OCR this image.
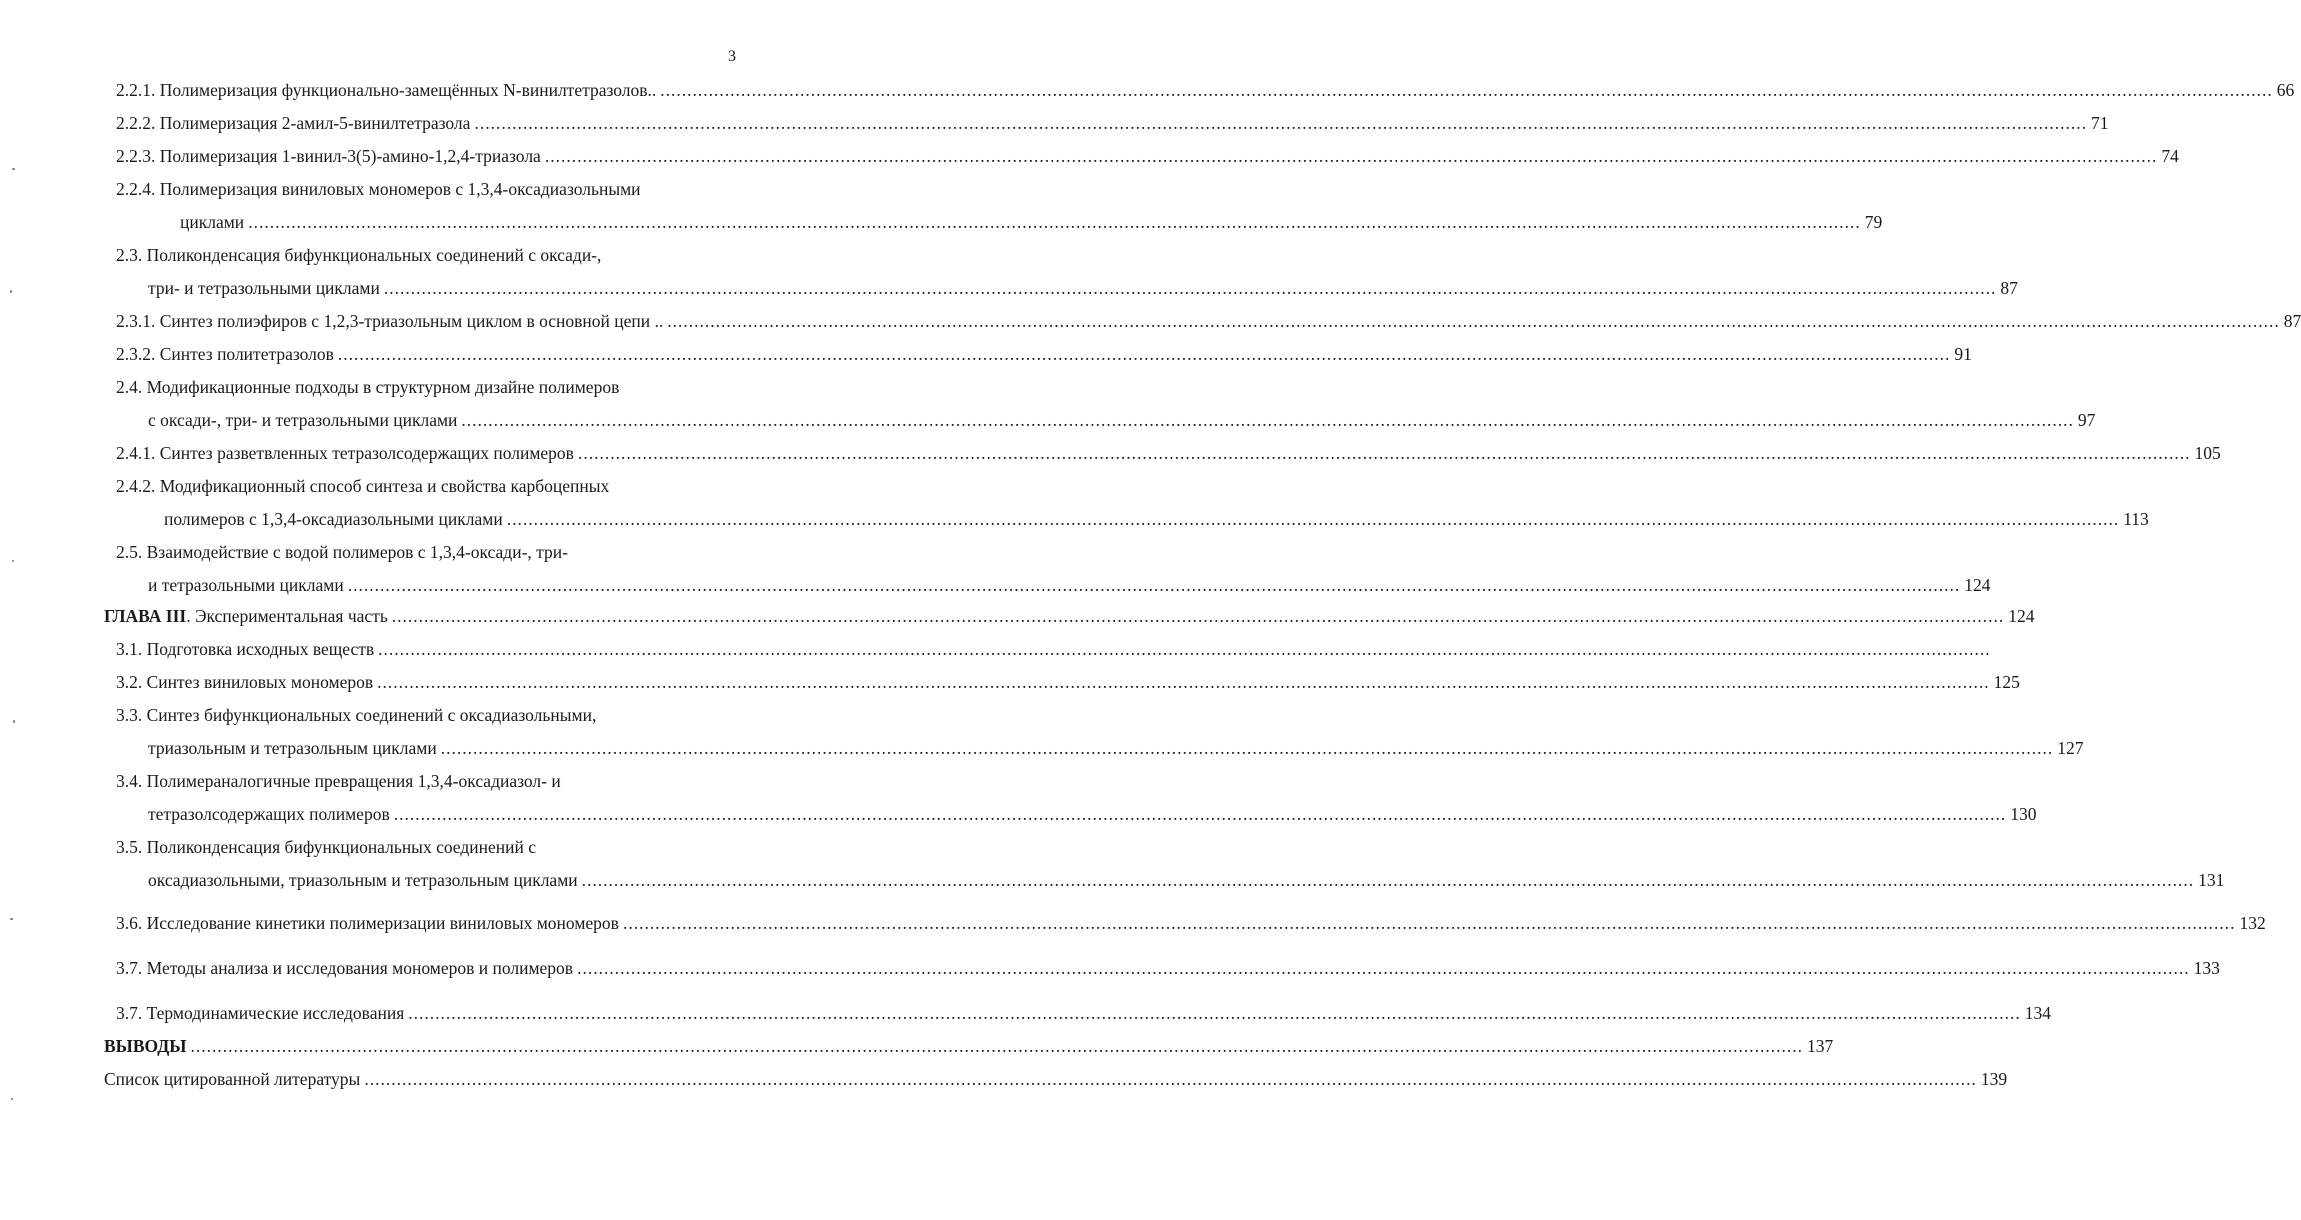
3
2.2.1. Полимеризация функционально-замещённых N-винилтетразолов.. ............................................................................................................................................................................................................................................................................................................ 66
2.2.2. Полимеризация 2-амил-5-винилтетразола ............................................................................................................................................................................................................................................................................................................ 71
2.2.3. Полимеризация 1-винил-3(5)-амино-1,2,4-триазола ............................................................................................................................................................................................................................................................................................................ 74
2.2.4. Полимеризация виниловых мономеров с 1,3,4-оксадиазольными
циклами ............................................................................................................................................................................................................................................................................................................ 79
2.3. Поликонденсация бифункциональных соединений с оксади-,
три- и тетразольными циклами ............................................................................................................................................................................................................................................................................................................ 87
2.3.1. Синтез полиэфиров с 1,2,3-триазольным циклом в основной цепи .. ............................................................................................................................................................................................................................................................................................................ 87
2.3.2. Синтез политетразолов ............................................................................................................................................................................................................................................................................................................ 91
2.4. Модификационные подходы в структурном дизайне полимеров
с оксади-, три- и тетразольными циклами ............................................................................................................................................................................................................................................................................................................ 97
2.4.1. Синтез разветвленных тетразолсодержащих полимеров ............................................................................................................................................................................................................................................................................................................ 105
2.4.2. Модификационный способ синтеза и свойства карбоцепных
полимеров с 1,3,4-оксадиазольными циклами ............................................................................................................................................................................................................................................................................................................ 113
2.5. Взаимодействие с водой полимеров с 1,3,4-оксади-, три-
и тетразольными циклами ............................................................................................................................................................................................................................................................................................................ 124
ГЛАВА III. Экспериментальная часть ............................................................................................................................................................................................................................................................................................................ 124
3.1. Подготовка исходных веществ ............................................................................................................................................................................................................................................................................................................
3.2. Синтез виниловых мономеров ............................................................................................................................................................................................................................................................................................................ 125
3.3. Синтез бифункциональных соединений с оксадиазольными,
триазольным и тетразольным циклами ............................................................................................................................................................................................................................................................................................................ 127
3.4. Полимераналогичные превращения 1,3,4-оксадиазол- и
тетразолсодержащих полимеров ............................................................................................................................................................................................................................................................................................................ 130
3.5. Поликонденсация бифункциональных соединений с
оксадиазольными, триазольным и тетразольным циклами ............................................................................................................................................................................................................................................................................................................ 131
3.6. Исследование кинетики полимеризации виниловых мономеров ............................................................................................................................................................................................................................................................................................................ 132
3.7. Методы анализа и исследования мономеров и полимеров ............................................................................................................................................................................................................................................................................................................ 133
3.7. Термодинамические исследования ............................................................................................................................................................................................................................................................................................................ 134
ВЫВОДЫ ............................................................................................................................................................................................................................................................................................................ 137
Список цитированной литературы ............................................................................................................................................................................................................................................................................................................ 139
